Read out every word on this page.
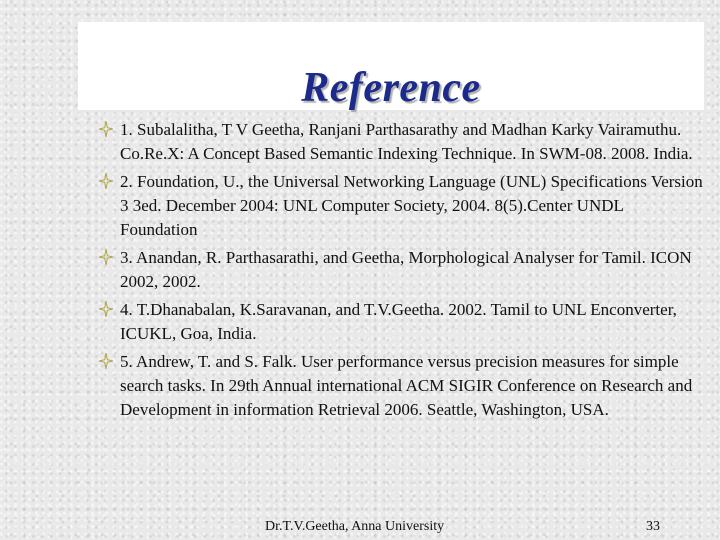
Reference
1. Subalalitha, T V Geetha, Ranjani Parthasarathy and Madhan Karky Vairamuthu. Co.Re.X: A Concept Based Semantic Indexing Technique. In SWM-08. 2008. India.
2. Foundation, U., the Universal Networking Language (UNL) Specifications Version 3 3ed. December 2004: UNL Computer Society, 2004. 8(5).Center UNDL Foundation
3. Anandan, R. Parthasarathi, and Geetha, Morphological Analyser for Tamil. ICON 2002, 2002.
4. T.Dhanabalan, K.Saravanan, and T.V.Geetha. 2002. Tamil to UNL Enconverter, ICUKL, Goa, India.
5. Andrew, T. and S. Falk. User performance versus precision measures for simple search tasks. In 29th Annual international ACM SIGIR Conference on Research and Development in information Retrieval 2006. Seattle, Washington, USA.
Dr.T.V.Geetha, Anna University	33
